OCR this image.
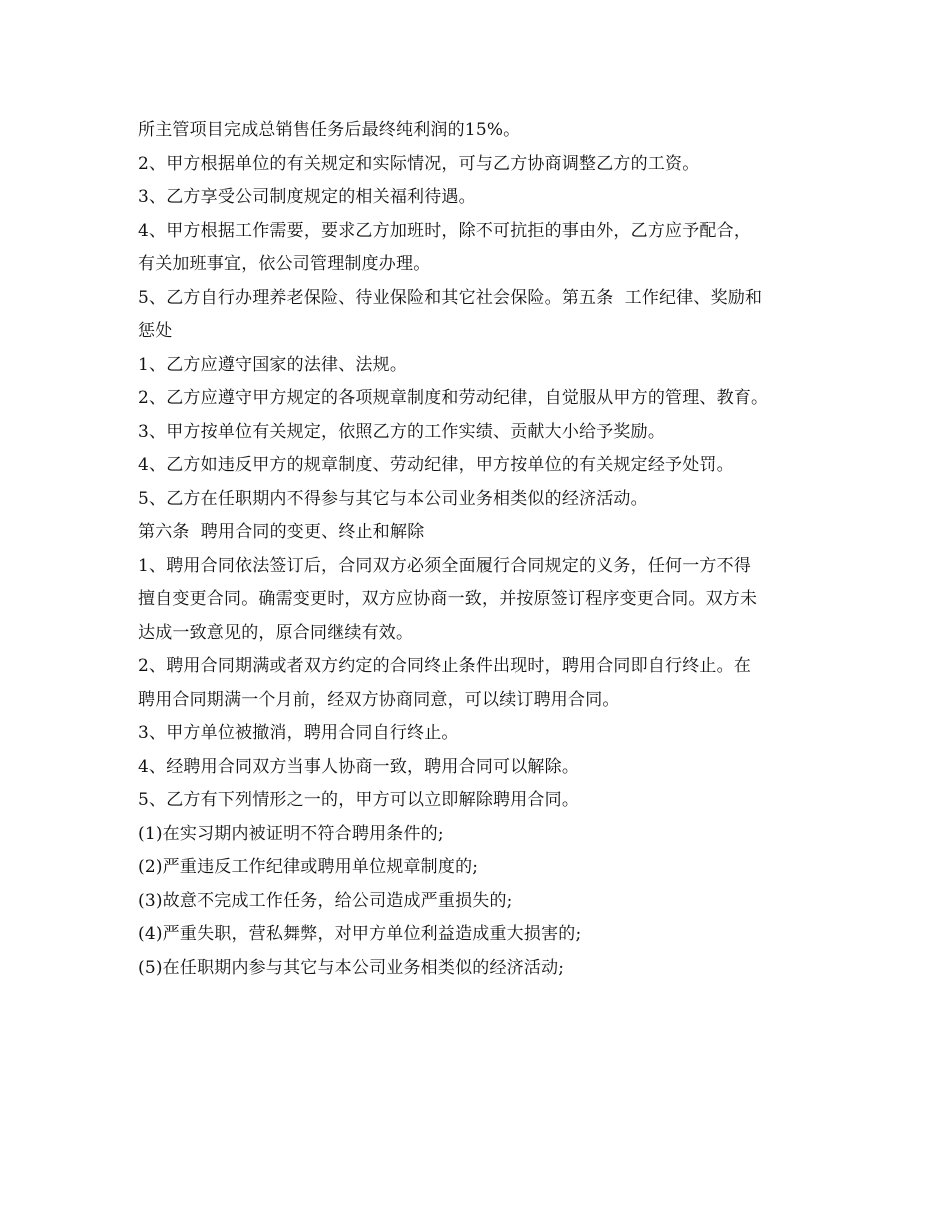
所主管项目完成总销售任务后最终纯利润的15%。
2、甲方根据单位的有关规定和实际情况，可与乙方协商调整乙方的工资。
3、乙方享受公司制度规定的相关福利待遇。
4、甲方根据工作需要，要求乙方加班时，除不可抗拒的事由外，乙方应予配合，
有关加班事宜，依公司管理制度办理。
5、乙方自行办理养老保险、待业保险和其它社会保险。第五条  工作纪律、奖励和
惩处
1、乙方应遵守国家的法律、法规。
2、乙方应遵守甲方规定的各项规章制度和劳动纪律，自觉服从甲方的管理、教育。
3、甲方按单位有关规定，依照乙方的工作实绩、贡献大小给予奖励。
4、乙方如违反甲方的规章制度、劳动纪律，甲方按单位的有关规定经予处罚。
5、乙方在任职期内不得参与其它与本公司业务相类似的经济活动。
第六条  聘用合同的变更、终止和解除
1、聘用合同依法签订后，合同双方必须全面履行合同规定的义务，任何一方不得
擅自变更合同。确需变更时，双方应协商一致，并按原签订程序变更合同。双方未
达成一致意见的，原合同继续有效。
2、聘用合同期满或者双方约定的合同终止条件出现时，聘用合同即自行终止。在
聘用合同期满一个月前，经双方协商同意，可以续订聘用合同。
3、甲方单位被撤消，聘用合同自行终止。
4、经聘用合同双方当事人协商一致，聘用合同可以解除。
5、乙方有下列情形之一的，甲方可以立即解除聘用合同。
(1)在实习期内被证明不符合聘用条件的;
(2)严重违反工作纪律或聘用单位规章制度的;
(3)故意不完成工作任务，给公司造成严重损失的;
(4)严重失职，营私舞弊，对甲方单位利益造成重大损害的;
(5)在任职期内参与其它与本公司业务相类似的经济活动;
